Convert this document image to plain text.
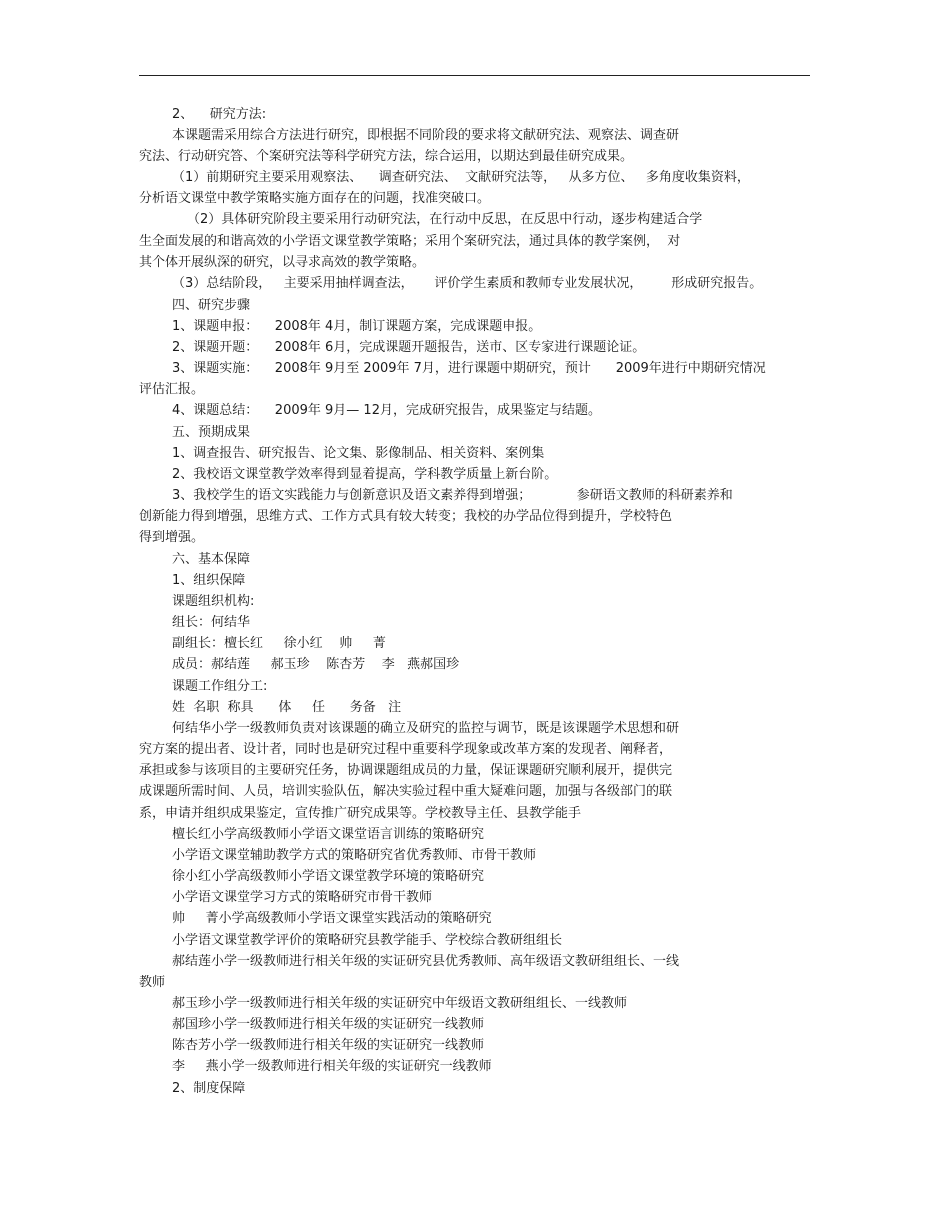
2、    研究方法:
本课题需采用综合方法进行研究，即根据不同阶段的要求将文献研究法、观察法、调查研
究法、行动研究答、个案研究法等科学研究方法，综合运用，以期达到最佳研究成果。
（1）前期研究主要采用观察法、    调查研究法、  文献研究法等，   从多方位、   多角度收集资料，
分析语文课堂中教学策略实施方面存在的问题，找准突破口。
（2）具体研究阶段主要采用行动研究法，在行动中反思，在反思中行动，逐步构建适合学
生全面发展的和谐高效的小学语文课堂教学策略；采用个案研究法，通过具体的教学案例，  对
其个体开展纵深的研究，以寻求高效的教学策略。
（3）总结阶段，   主要采用抽样调查法，     评价学生素质和教师专业发展状况，       形成研究报告。
四、研究步骤
1、课题申报：    2008年 4月，制订课题方案，完成课题申报。
2、课题开题：    2008年 6月，完成课题开题报告，送市、区专家进行课题论证。
3、课题实施：    2008年 9月至 2009年 7月，进行课题中期研究，预计      2009年进行中期研究情况
评估汇报。
4、课题总结：    2009年 9月— 12月，完成研究报告，成果鉴定与结题。
五、预期成果
1、调查报告、研究报告、论文集、影像制品、相关资料、案例集
2、我校语文课堂教学效率得到显着提高，学科教学质量上新台阶。
3、我校学生的语文实践能力与创新意识及语文素养得到增强；           参研语文教师的科研素养和
创新能力得到增强，思维方式、工作方式具有较大转变；我校的办学品位得到提升，学校特色
得到增强。
六、基本保障
1、组织保障
课题组织机构:
组长：何结华
副组长：檀长红     徐小红    帅     菁
成员：郝结莲     郝玉珍    陈杏芳    李   燕郝国珍
课题工作组分工:
姓  名职  称具      体     任      务备   注
何结华小学一级教师负责对该课题的确立及研究的监控与调节，既是该课题学术思想和研
究方案的提出者、设计者，同时也是研究过程中重要科学现象或改革方案的发现者、阐释者，
承担或参与该项目的主要研究任务，协调课题组成员的力量，保证课题研究顺利展开，提供完
成课题所需时间、人员，培训实验队伍，解决实验过程中重大疑难问题，加强与各级部门的联
系，申请并组织成果鉴定，宣传推广研究成果等。学校教导主任、县教学能手
檀长红小学高级教师小学语文课堂语言训练的策略研究
小学语文课堂辅助教学方式的策略研究省优秀教师、市骨干教师
徐小红小学高级教师小学语文课堂教学环境的策略研究
小学语文课堂学习方式的策略研究市骨干教师
帅     菁小学高级教师小学语文课堂实践活动的策略研究
小学语文课堂教学评价的策略研究县教学能手、学校综合教研组组长
郝结莲小学一级教师进行相关年级的实证研究县优秀教师、高年级语文教研组组长、一线
教师
郝玉珍小学一级教师进行相关年级的实证研究中年级语文教研组组长、一线教师
郝国珍小学一级教师进行相关年级的实证研究一线教师
陈杏芳小学一级教师进行相关年级的实证研究一线教师
李     燕小学一级教师进行相关年级的实证研究一线教师
2、制度保障
